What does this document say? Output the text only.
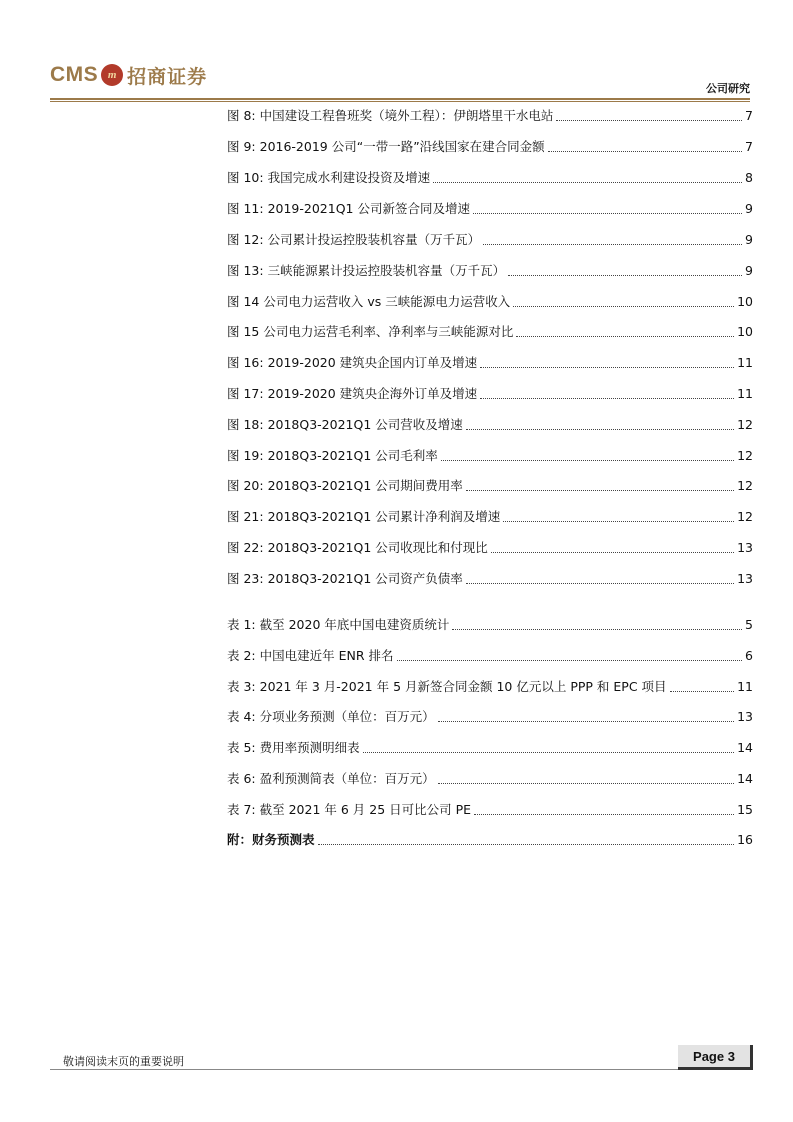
CMS m 招商证券
公司研究
图 8: 中国建设工程鲁班奖（境外工程）：伊朗塔里干水电站	7
图 9: 2016-2019 公司“一带一路”沿线国家在建合同金额	7
图 10: 我国完成水利建设投资及增速	8
图 11: 2019-2021Q1 公司新签合同及增速	9
图 12: 公司累计投运控股装机容量（万千瓦）	9
图 13: 三峡能源累计投运控股装机容量（万千瓦）	9
图 14 公司电力运营收入 vs 三峡能源电力运营收入	10
图 15 公司电力运营毛利率、净利率与三峡能源对比	10
图 16: 2019-2020 建筑央企国内订单及增速	11
图 17: 2019-2020 建筑央企海外订单及增速	11
图 18: 2018Q3-2021Q1 公司营收及增速	12
图 19: 2018Q3-2021Q1 公司毛利率	12
图 20: 2018Q3-2021Q1 公司期间费用率	12
图 21: 2018Q3-2021Q1 公司累计净利润及增速	12
图 22: 2018Q3-2021Q1 公司收现比和付现比	13
图 23: 2018Q3-2021Q1 公司资产负债率	13
表 1: 截至 2020 年底中国电建资质统计	5
表 2: 中国电建近年 ENR 排名	6
表 3: 2021 年 3 月-2021 年 5 月新签合同金额 10 亿元以上 PPP 和 EPC 项目	11
表 4: 分项业务预测（单位：百万元）	13
表 5: 费用率预测明细表	14
表 6: 盈利预测简表（单位：百万元）	14
表 7: 截至 2021 年 6 月 25 日可比公司 PE	15
附：财务预测表	16
敬请阅读末页的重要说明	Page 3
